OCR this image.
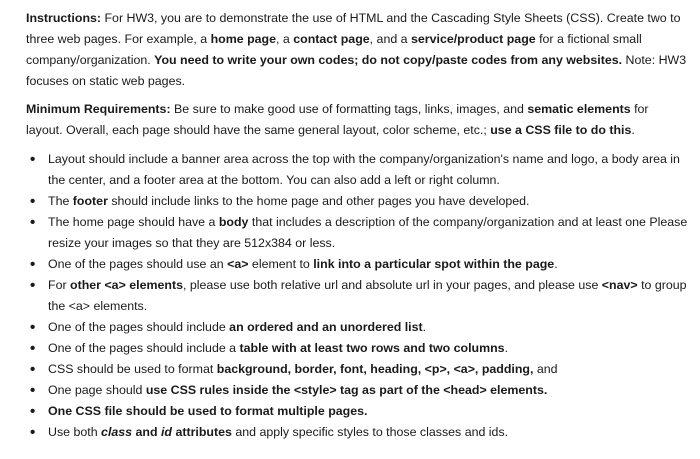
Instructions: For HW3, you are to demonstrate the use of HTML and the Cascading Style Sheets (CSS). Create two to three web pages. For example, a home page, a contact page, and a service/product page for a fictional small company/organization. You need to write your own codes; do not copy/paste codes from any websites. Note: HW3 focuses on static web pages.

Minimum Requirements: Be sure to make good use of formatting tags, links, images, and sematic elements for layout. Overall, each page should have the same general layout, color scheme, etc.; use a CSS file to do this.

• Layout should include a banner area across the top with the company/organization's name and logo, a body area in the center, and a footer area at the bottom. You can also add a left or right column.
• The footer should include links to the home page and other pages you have developed.
• The home page should have a body that includes a description of the company/organization and at least one Please resize your images so that they are 512x384 or less.
• One of the pages should use an <a> element to link into a particular spot within the page.
• For other <a> elements, please use both relative url and absolute url in your pages, and please use <nav> to group the <a> elements.
• One of the pages should include an ordered and an unordered list.
• One of the pages should include a table with at least two rows and two columns.
• CSS should be used to format background, border, font, heading, <p>, <a>, padding, and
• One page should use CSS rules inside the <style> tag as part of the <head> elements.
• One CSS file should be used to format multiple pages.
• Use both class and id attributes and apply specific styles to those classes and ids.
